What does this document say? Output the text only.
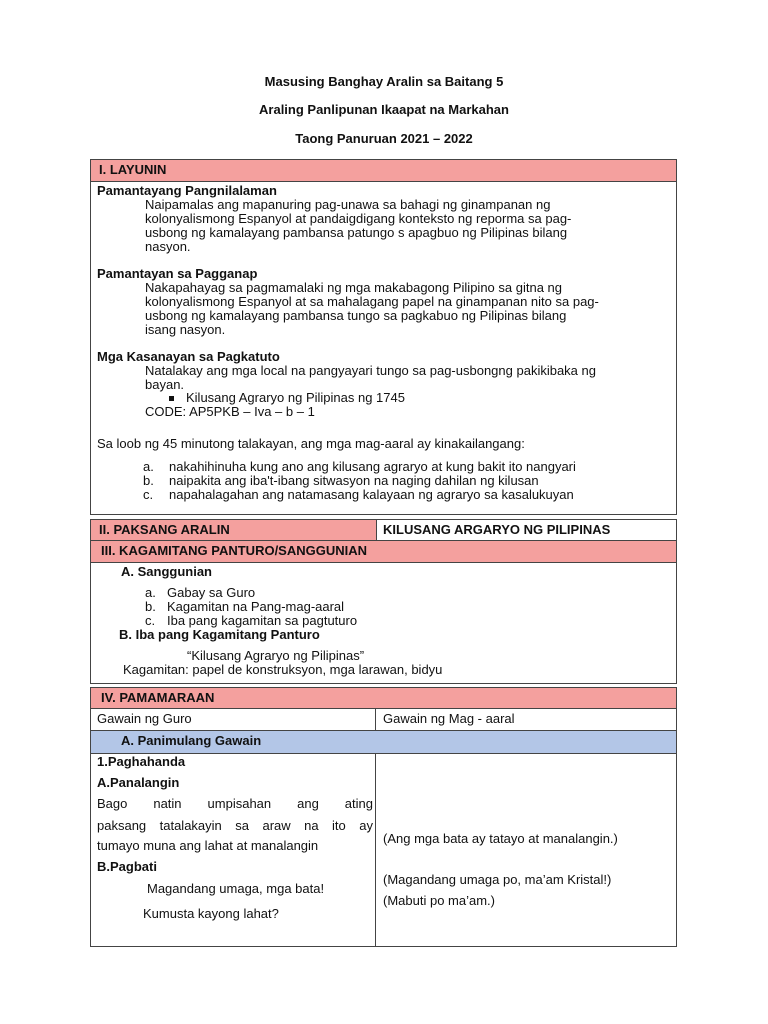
Masusing Banghay Aralin sa Baitang 5
Araling Panlipunan Ikaapat na Markahan
Taong Panuruan 2021 – 2022
I. LAYUNIN
Pamantayang Pangnilalaman
Naipamalas ang mapanuring pag-unawa sa bahagi ng ginampanan ng
kolonyalismong Espanyol at pandaigdigang konteksto ng reporma sa pag-
usbong ng kamalayang pambansa patungo s apagbuo ng Pilipinas bilang
nasyon.
Pamantayan sa Pagganap
Nakapahayag sa pagmamalaki ng mga makabagong Pilipino sa gitna ng
kolonyalismong Espanyol at sa mahalagang papel na ginampanan nito sa pag-
usbong ng kamalayang pambansa tungo sa pagkabuo ng Pilipinas bilang
isang nasyon.
Mga Kasanayan sa Pagkatuto
Natalakay ang mga local na pangyayari tungo sa pag-usbongng pakikibaka ng
bayan.
Kilusang Agraryo ng Pilipinas ng 1745
CODE: AP5PKB – Iva – b – 1
Sa loob ng 45 minutong talakayan, ang mga mag-aaral ay kinakailangang:
a. nakahihinuha kung ano ang kilusang agraryo at kung bakit ito nangyari
b. naipakita ang iba't-ibang sitwasyon na naging dahilan ng kilusan
c. napahalagahan ang natamasang kalayaan ng agraryo sa kasalukuyan
II. PAKSANG ARALIN	KILUSANG ARGARYO NG PILIPINAS
III. KAGAMITANG PANTURO/SANGGUNIAN
A. Sanggunian
a. Gabay sa Guro
b. Kagamitan na Pang-mag-aaral
c. Iba pang kagamitan sa pagtuturo
B. Iba pang Kagamitang Panturo
“Kilusang Agraryo ng Pilipinas”
Kagamitan: papel de konstruksyon, mga larawan, bidyu
IV. PAMAMARAAN
Gawain ng Guro	Gawain ng Mag - aaral
A. Panimulang Gawain
1.Paghahanda
A.Panalangin
Bago natin umpisahan ang ating
paksang tatalakayin sa araw na ito ay
tumayo muna ang lahat at manalangin
B.Pagbati
Magandang umaga, mga bata!
Kumusta kayong lahat?
(Ang mga bata ay tatayo at manalangin.)
(Magandang umaga po, ma’am Kristal!)
(Mabuti po ma’am.)
